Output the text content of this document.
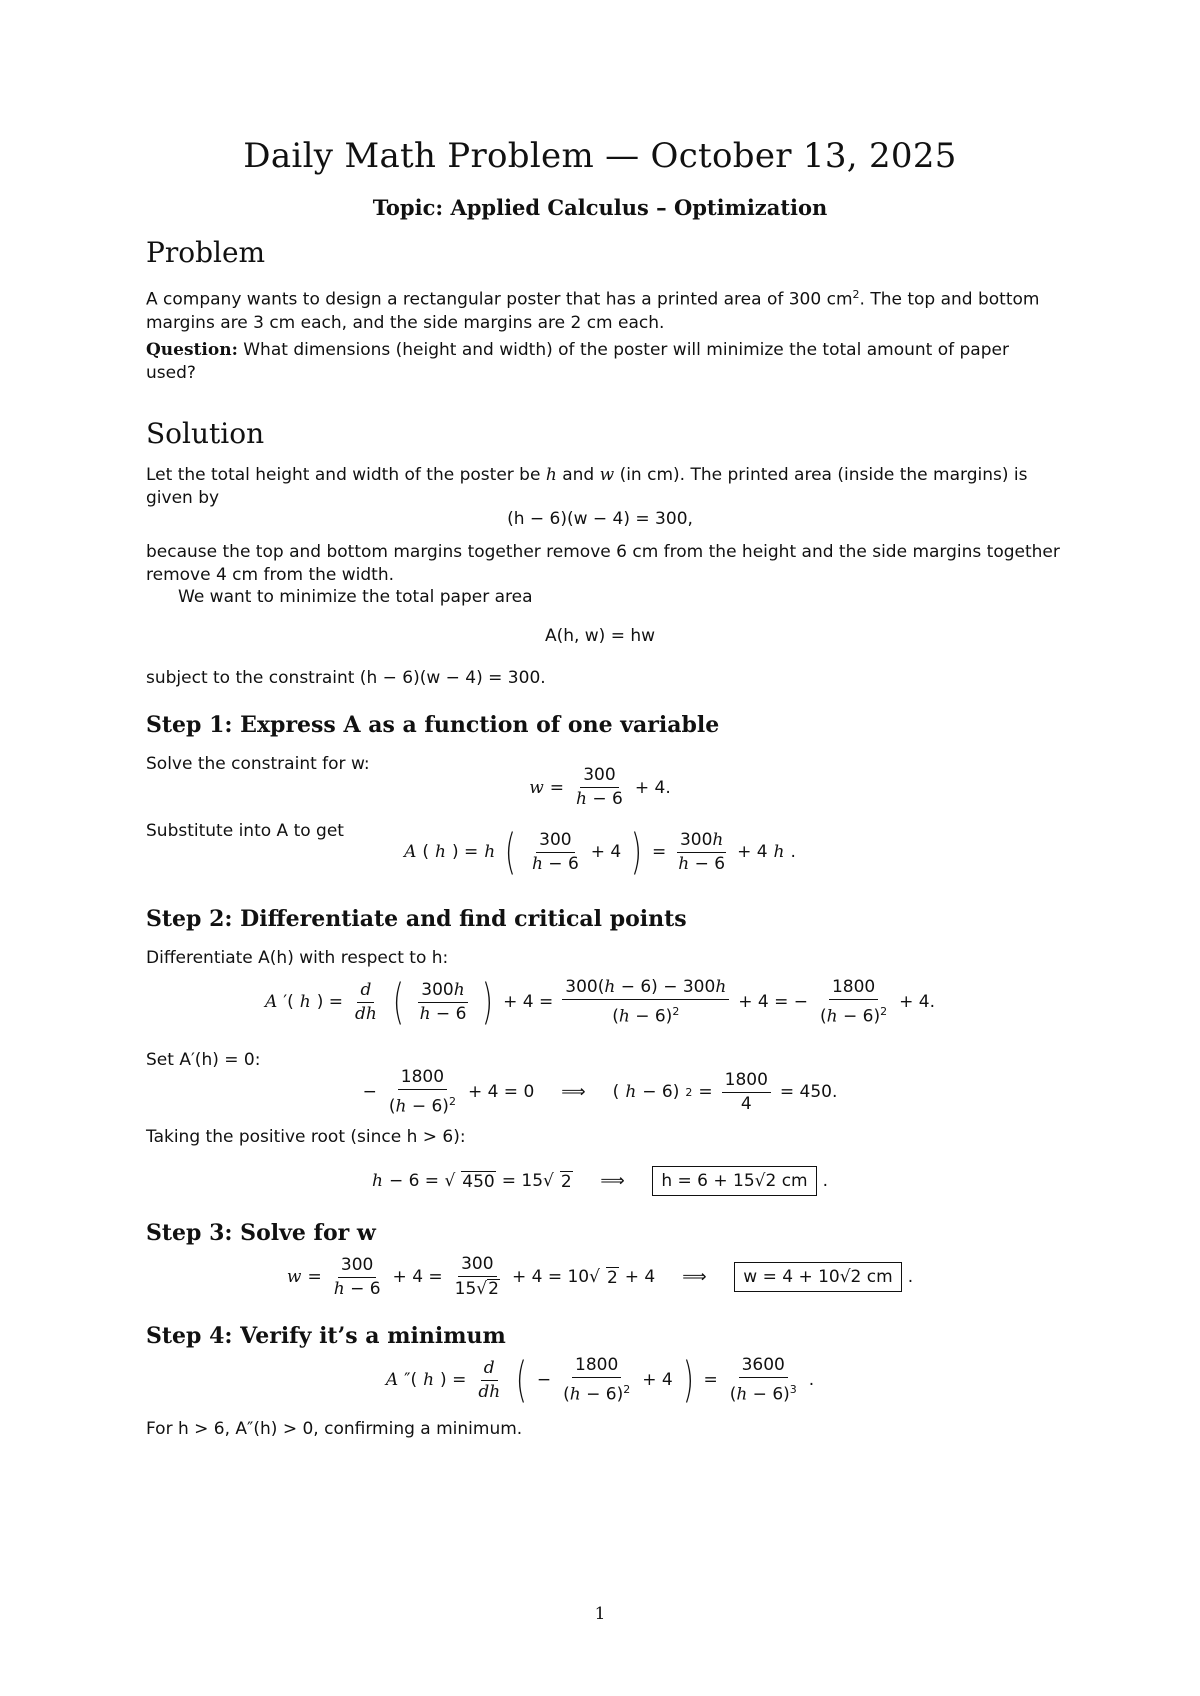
Daily Math Problem — October 13, 2025
Topic: Applied Calculus – Optimization
Problem
A company wants to design a rectangular poster that has a printed area of 300 $cm^2$. The top and bottom margins are 3 cm each, and the side margins are 2 cm each.
Question: What dimensions (height and width) of the poster will minimize the total amount of paper used?
Solution
Let the total height and width of the poster be h and w (in cm). The printed area (inside the margins) is given by
(h − 6)(w − 4) = 300,
because the top and bottom margins together remove 6 cm from the height and the side margins together remove 4 cm from the width.
We want to minimize the total paper area
A(h, w) = hw
subject to the constraint (h − 6)(w − 4) = 300.
Step 1: Express A as a function of one variable
Solve the constraint for w:
$w = \frac{300}{h - 6} + 4$.
Substitute into A to get
A ( h ) = h ( $\frac{300}{h - 6} + 4$ ) = $\frac{300h}{h - 6} + 4$ h .
Step 2: Differentiate and find critical points
Differentiate A(h) with respect to h:
A ′( h ) = $\frac{d}{dh}$ ( $\frac{300h}{h - 6}$ ) + $4 = \frac{300(h - 6) - 300h}{(h - 6)^2} + 4$ = − $\frac{1800}{(h - 6)^2} + 4$.
Set A′(h) = 0:
− $\frac{1800}{(h - 6)^2} + 4 = 0$     ⟹     ( h − 6) $2 = \frac{1800}{4} = 450$.
Taking the positive root (since h > 6):
h − 6 = √ 450 = 15√ 2 ⟹ h = 6 + 15√2 cm .
Step 3: Solve for w
$w = \frac{300}{h - 6} + 4 = \frac{300}{15√ 2} + 4 = 10√$ 2 + 4     ⟹ w = 4 + 10√2 cm .
Step 4: Verify it’s a minimum
A ″( h ) = $\frac{d}{dh}$ ( − $\frac{1800}{(h - 6)^2} + 4$ ) = $\frac{3600}{(h - 6)^3}$ .
For h > 6, A″(h) > 0, confirming a minimum.
1
